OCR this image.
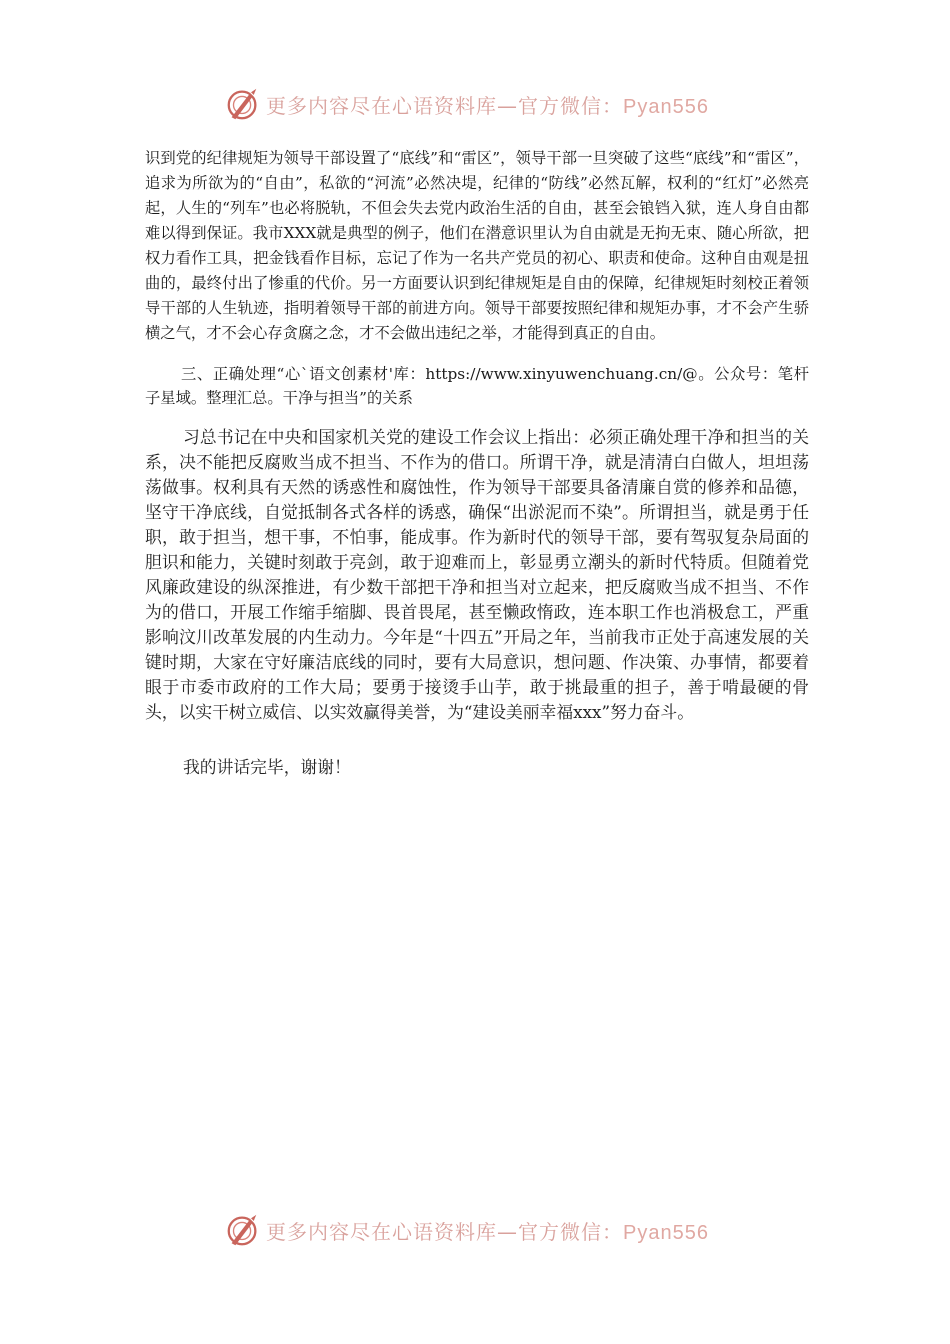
更多内容尽在心语资料库—官方微信：Pyan556

识到党的纪律规矩为领导干部设置了“底线”和“雷区”，领导干部一旦突破了这些“底线”和“雷区”，追求为所欲为的“自由”，私欲的“河流”必然决堤，纪律的“防线”必然瓦解，权利的“红灯”必然亮起，人生的“列车”也必将脱轨，不但会失去党内政治生活的自由，甚至会锒铛入狱，连人身自由都难以得到保证。我市XXX就是典型的例子，他们在潜意识里认为自由就是无拘无束、随心所欲，把权力看作工具，把金钱看作目标，忘记了作为一名共产党员的初心、职责和使命。这种自由观是扭曲的，最终付出了惨重的代价。另一方面要认识到纪律规矩是自由的保障，纪律规矩时刻校正着领导干部的人生轨迹，指明着领导干部的前进方向。领导干部要按照纪律和规矩办事，才不会产生骄横之气，才不会心存贪腐之念，才不会做出违纪之举，才能得到真正的自由。

三、正确处理“心`语文创素材'库：https://www.xinyuwenchuang.cn/@。公众号：笔杆子星域。整理汇总。干净与担当”的关系

习总书记在中央和国家机关党的建设工作会议上指出：必须正确处理干净和担当的关系，决不能把反腐败当成不担当、不作为的借口。所谓干净，就是清清白白做人，坦坦荡荡做事。权利具有天然的诱惑性和腐蚀性，作为领导干部要具备清廉自赏的修养和品德，坚守干净底线，自觉抵制各式各样的诱惑，确保“出淤泥而不染”。所谓担当，就是勇于任职，敢于担当，想干事，不怕事，能成事。作为新时代的领导干部，要有驾驭复杂局面的胆识和能力，关键时刻敢于亮剑，敢于迎难而上，彰显勇立潮头的新时代特质。但随着党风廉政建设的纵深推进，有少数干部把干净和担当对立起来，把反腐败当成不担当、不作为的借口，开展工作缩手缩脚、畏首畏尾，甚至懒政惰政，连本职工作也消极怠工，严重影响汶川改革发展的内生动力。今年是“十四五”开局之年，当前我市正处于高速发展的关键时期，大家在守好廉洁底线的同时，要有大局意识，想问题、作决策、办事情，都要着眼于市委市政府的工作大局；要勇于接烫手山芋，敢于挑最重的担子，善于啃最硬的骨头，以实干树立威信、以实效赢得美誉，为“建设美丽幸福xxx”努力奋斗。

我的讲话完毕，谢谢！

更多内容尽在心语资料库—官方微信：Pyan556
